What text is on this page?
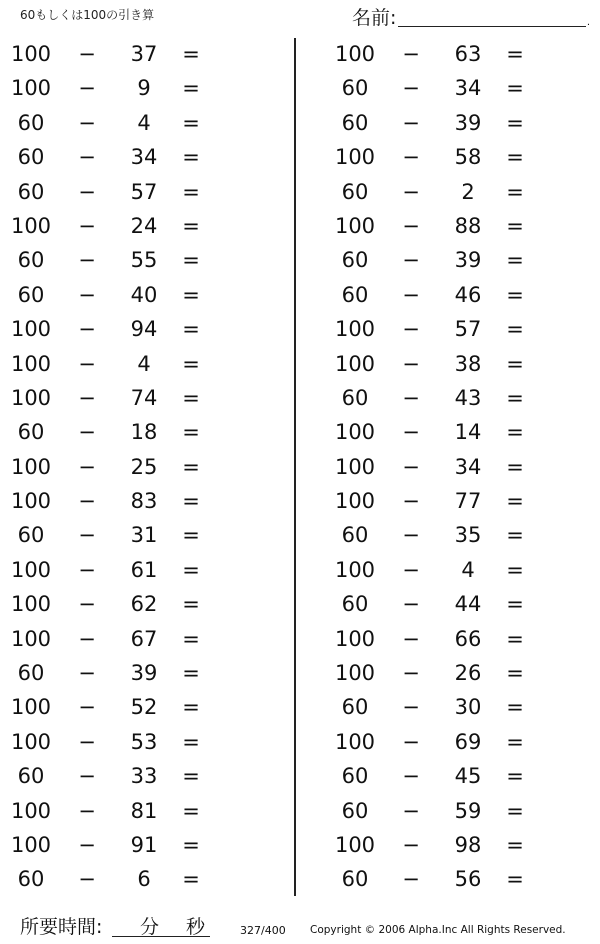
60もしくは100の引き算	名前:	.
100 −	37	=
100 −	9	=
60	−	4	=
60	−	34	=
60	−	57	=
100 −	24	=
60	−	55	=
60	−	40	=
100 −	94	=
100 −	4	=
100 −	74	=
60	−	18	=
100 −	25	=
100 −	83	=
60	−	31	=
100 −	61	=
100 −	62	=
100 −	67	=
60	−	39	=
100 −	52	=
100 −	53	=
60	−	33	=
100 −	81	=
100 −	91	=
60	−	6	=
100 −	63	=
60	−	34	=
60	−	39	=
100 −	58	=
60	−	2	=
100 −	88	=
60	−	39	=
60	−	46	=
100 −	57	=
100 −	38	=
60	−	43	=
100 −	14	=
100 −	34	=
100 −	77	=
60	−	35	=
100 −	4	=
60	−	44	=
100 −	66	=
100 −	26	=
60	−	30	=
100 −	69	=
60	−	45	=
60	−	59	=
100 −	98	=
60	−	56	=
所要時間: 分 秒	327/400 Copyright © 2006 Alpha.Inc All Rights Reserved.
